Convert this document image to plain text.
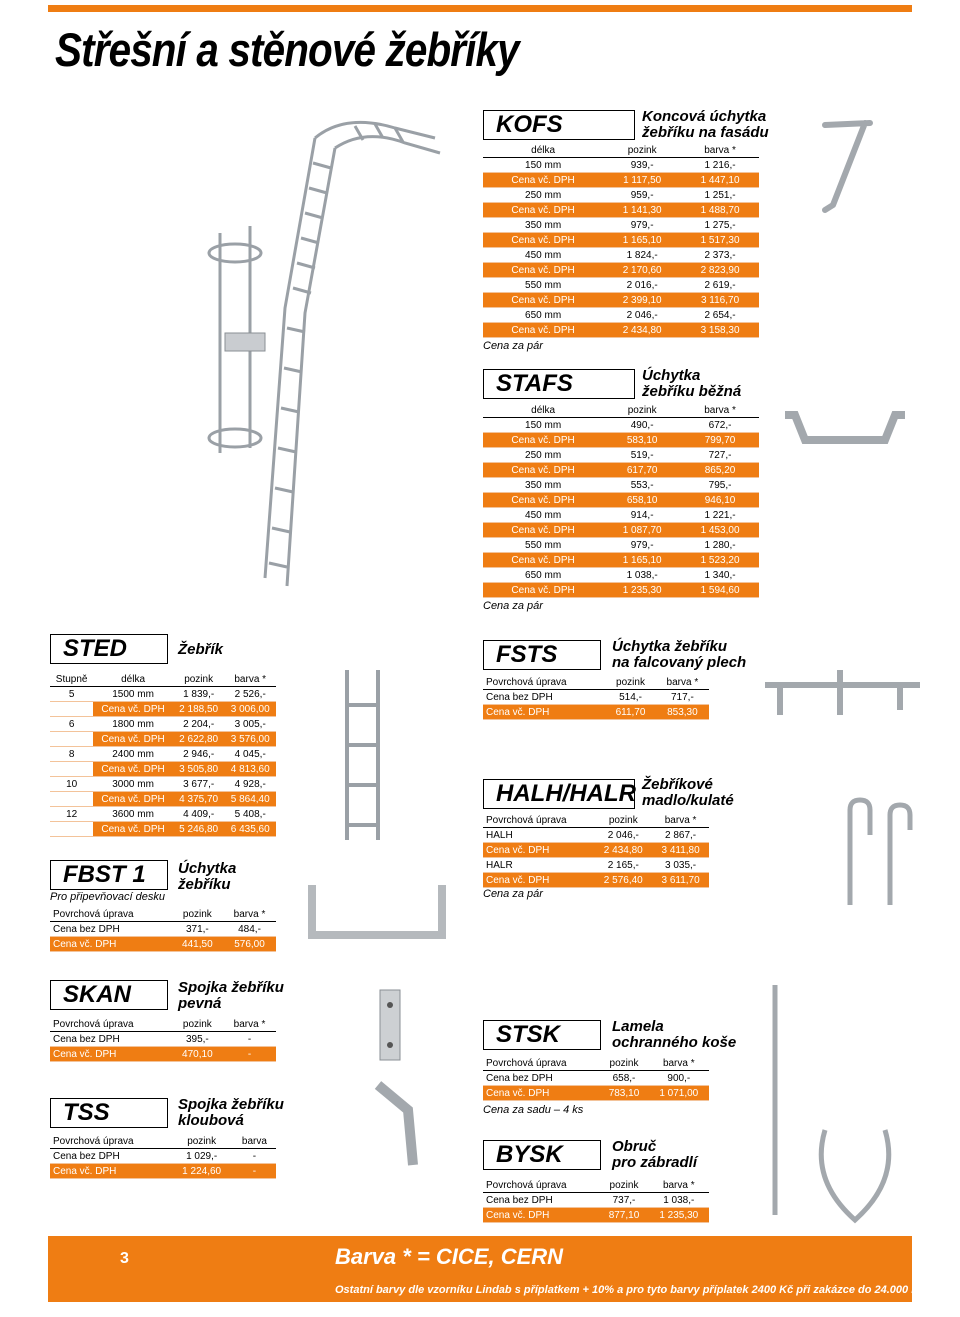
Střešní a stěnové žebříky
KOFS	Koncová úchytka
žebříku na fasádu
délka	pozink	barva *
150 mm	939,-	1 216,-
Cena vč. DPH	1 117,50	1 447,10
250 mm	959,-	1 251,-
Cena vč. DPH	1 141,30	1 488,70
350 mm	979,-	1 275,-
Cena vč. DPH	1 165,10	1 517,30
450 mm	1 824,-	2 373,-
Cena vč. DPH	2 170,60	2 823,90
550 mm	2 016,-	2 619,-
Cena vč. DPH	2 399,10	3 116,70
650 mm	2 046,-	2 654,-
Cena vč. DPH	2 434,80	3 158,30
Cena za pár
STAFS	Úchytka
žebříku běžná
délka	pozink	barva *
150 mm	490,-	672,-
Cena vč. DPH	583,10	799,70
250 mm	519,-	727,-
Cena vč. DPH	617,70	865,20
350 mm	553,-	795,-
Cena vč. DPH	658,10	946,10
450 mm	914,-	1 221,-
Cena vč. DPH	1 087,70	1 453,00
550 mm	979,-	1 280,-
Cena vč. DPH	1 165,10	1 523,20
650 mm	1 038,-	1 340,-
Cena vč. DPH	1 235,30	1 594,60
Cena za pár
STED	Žebřík
Stupně	délka	pozink	barva *
5	1500 mm	1 839,-	2 526,-
	Cena vč. DPH	2 188,50	3 006,00
6	1800 mm	2 204,-	3 005,-
	Cena vč. DPH	2 622,80	3 576,00
8	2400 mm	2 946,-	4 045,-
	Cena vč. DPH	3 505,80	4 813,60
10	3000 mm	3 677,-	4 928,-
	Cena vč. DPH	4 375,70	5 864,40
12	3600 mm	4 409,-	5 408,-
	Cena vč. DPH	5 246,80	6 435,60
FBST 1	Úchytka
žebříku
Pro připevňovací desku
Povrchová úprava	pozink	barva *
Cena bez DPH	371,-	484,-
Cena vč. DPH	441,50	576,00
FSTS	Úchytka žebříku
na falcovaný plech
Povrchová úprava	pozink	barva *
Cena bez DPH	514,-	717,-
Cena vč. DPH	611,70	853,30
HALH/HALR Žebříkové
madlo/kulaté
Povrchová úprava	pozink	barva *
HALH	2 046,-	2 867,-
Cena vč. DPH	2 434,80	3 411,80
HALR	2 165,-	3 035,-
Cena vč. DPH	2 576,40	3 611,70
Cena za pár
SKAN	Spojka žebříku
pevná
Povrchová úprava	pozink	barva *
Cena bez DPH	395,-	-
Cena vč. DPH	470,10	-
TSS	Spojka žebříku
kloubová
Povrchová úprava	pozink	barva
Cena bez DPH	1 029,-	-
Cena vč. DPH	1 224,60	-
STSK	Lamela
ochranného koše
Povrchová úprava	pozink	barva *
Cena bez DPH	658,-	900,-
Cena vč. DPH	783,10	1 071,00
Cena za sadu – 4 ks
BYSK	Obruč
pro zábradlí
Povrchová úprava	pozink	barva *
Cena bez DPH	737,-	1 038,-
Cena vč. DPH	877,10	1 235,30
3	Barva * = CICE, CERN
Ostatní barvy dle vzorníku Lindab s příplatkem + 10% a pro tyto barvy příplatek 2400 Kč při zakázce do 24.000 Kč
